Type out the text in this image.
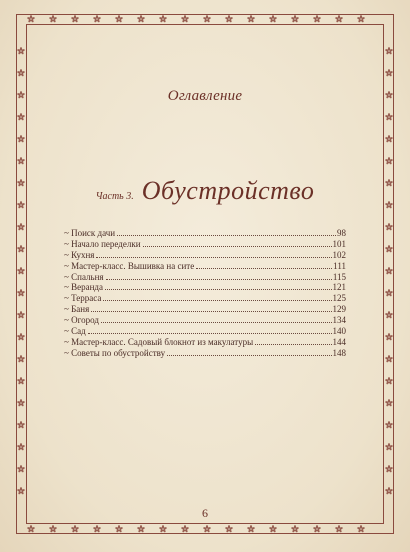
Оглавление
Часть 3. Обустройство
~ Поиск дачи	98
~ Начало переделки	101
~ Кухня	102
~ Мастер-класс. Вышивка на сите	111
~ Спальня	115
~ Веранда	121
~ Терраса	125
~ Баня	129
~ Огород	134
~ Сад	140
~ Мастер-класс. Садовый блокнот из макулатуры	144
~ Советы по обустройству	148
6
